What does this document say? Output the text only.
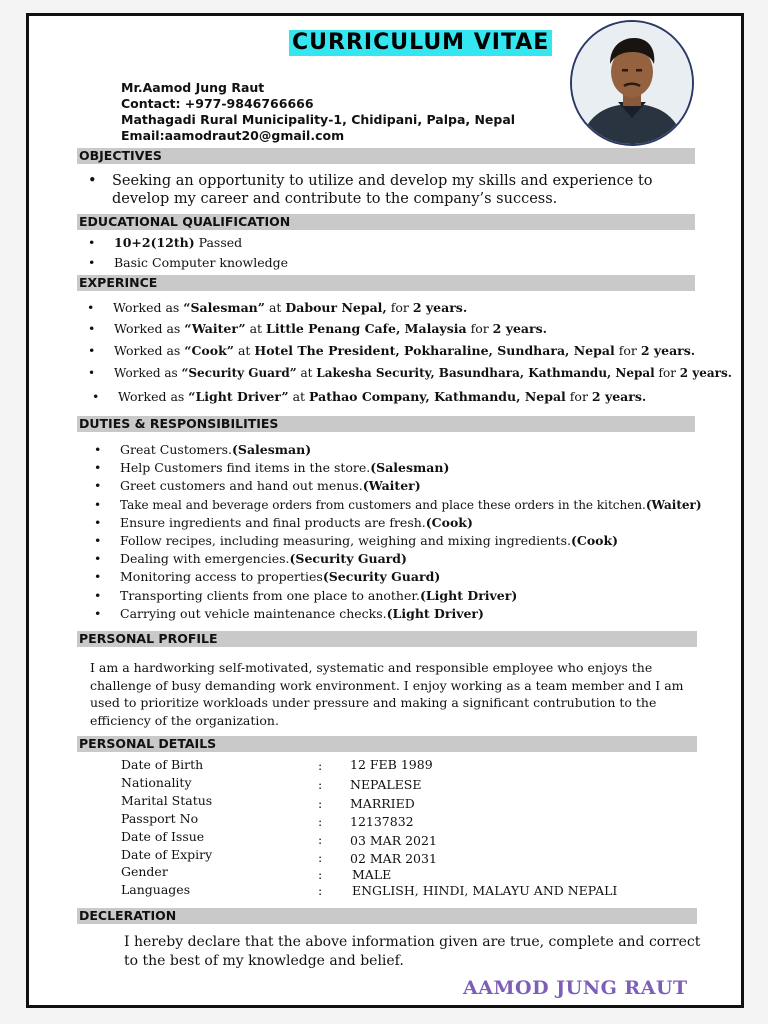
CURRICULUM VITAE
Mr.Aamod Jung Raut
Contact: +977-9846766666
Mathagadi Rural Municipality-1, Chidipani, Palpa, Nepal
Email:aamodraut20@gmail.com
OBJECTIVES
EDUCATIONAL QUALIFICATION
EXPERINCE
DUTIES & RESPONSIBILITIES
PERSONAL PROFILE
PERSONAL DETAILS
DECLERATION
• Seeking an opportunity to utilize and develop my skills and experience to develop my career and contribute to the company’s success.
• 10+2(12th) Passed
• Basic Computer knowledge
• Worked as “Salesman” at Dabour Nepal, for 2 years.
• Worked as “Waiter” at Little Penang Cafe, Malaysia for 2 years.
• Worked as “Cook” at Hotel The President, Pokharaline, Sundhara, Nepal for 2 years.
• Worked as “Security Guard” at Lakesha Security, Basundhara, Kathmandu, Nepal for 2 years.
• Worked as “Light Driver” at Pathao Company, Kathmandu, Nepal for 2 years.
• Great Customers.(Salesman)
• Help Customers find items in the store.(Salesman)
• Greet customers and hand out menus.(Waiter)
• Take meal and beverage orders from customers and place these orders in the kitchen.(Waiter)
• Ensure ingredients and final products are fresh.(Cook)
• Follow recipes, including measuring, weighing and mixing ingredients.(Cook)
• Dealing with emergencies.(Security Guard)
• Monitoring access to properties(Security Guard)
• Transporting clients from one place to another.(Light Driver)
• Carrying out vehicle maintenance checks.(Light Driver)
I am a hardworking self-motivated, systematic and responsible employee who enjoys the challenge of busy demanding work environment. I enjoy working as a team member and I am used to prioritize workloads under pressure and making a significant contrubution to the efficiency of the organization.
Date of Birth	: 12 FEB 1989
Nationality	: NEPALESE
Marital Status	: MARRIED
Passport No	: 12137832
Date of Issue	: 03 MAR 2021
Date of Expiry	: 02 MAR 2031
Gender	: MALE
Languages	: ENGLISH, HINDI, MALAYU AND NEPALI
I hereby declare that the above information given are true, complete and correct to the best of my knowledge and belief.
AAMOD JUNG RAUT
